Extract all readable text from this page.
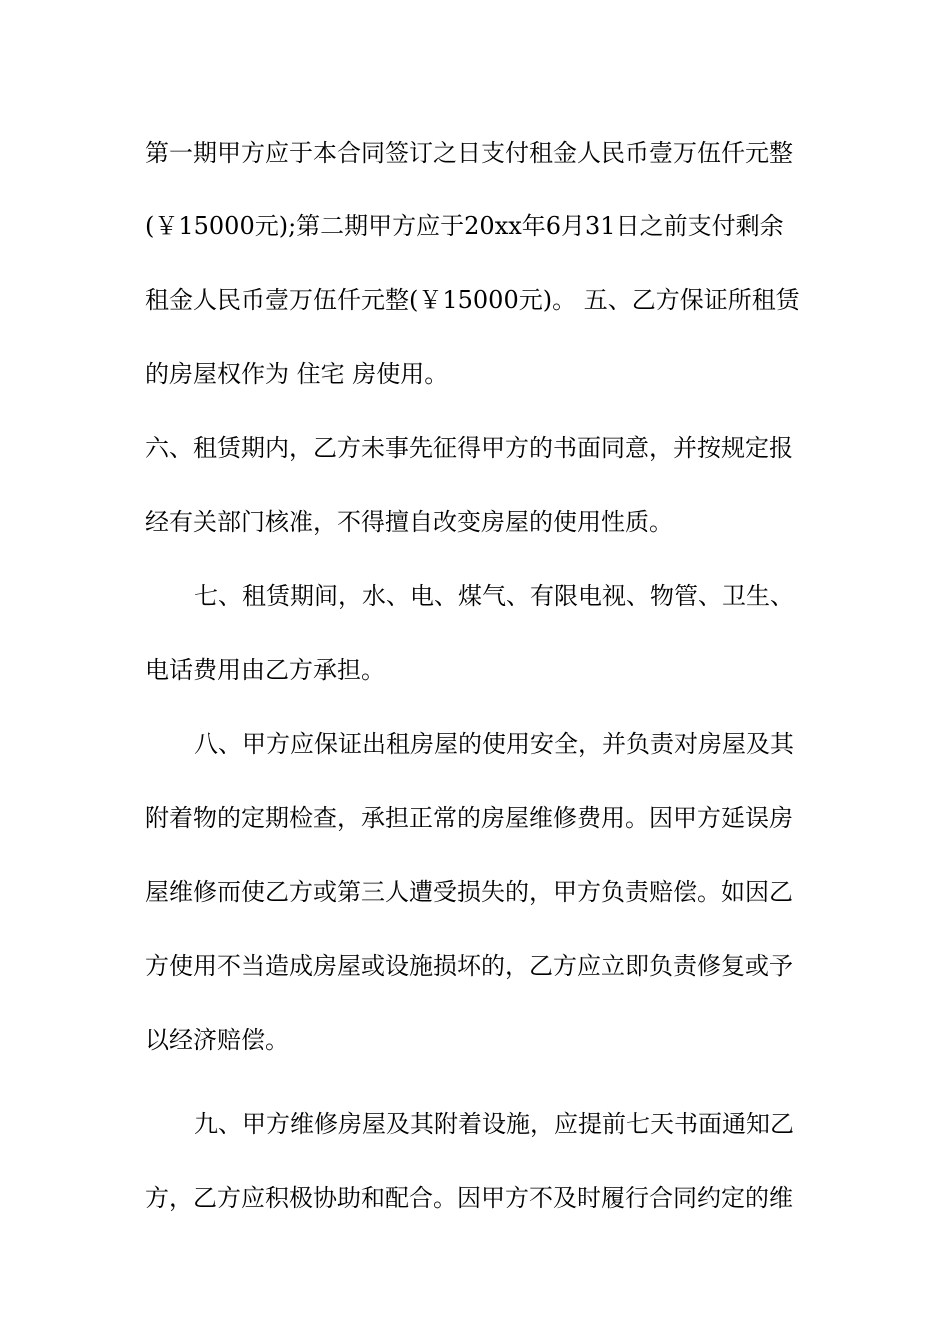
第一期甲方应于本合同签订之日支付租金人民币壹万伍仟元整
(￥15000元);第二期甲方应于20xx年6月31日之前支付剩余
租金人民币壹万伍仟元整(￥15000元)。 五、乙方保证所租赁
的房屋权作为 住宅 房使用。
六、租赁期内，乙方未事先征得甲方的书面同意，并按规定报
经有关部门核准，不得擅自改变房屋的使用性质。
七、租赁期间，水、电、煤气、有限电视、物管、卫生、
电话费用由乙方承担。
八、甲方应保证出租房屋的使用安全，并负责对房屋及其
附着物的定期检查，承担正常的房屋维修费用。因甲方延误房
屋维修而使乙方或第三人遭受损失的，甲方负责赔偿。如因乙
方使用不当造成房屋或设施损坏的，乙方应立即负责修复或予
以经济赔偿。
九、甲方维修房屋及其附着设施，应提前七天书面通知乙
方，乙方应积极协助和配合。因甲方不及时履行合同约定的维
